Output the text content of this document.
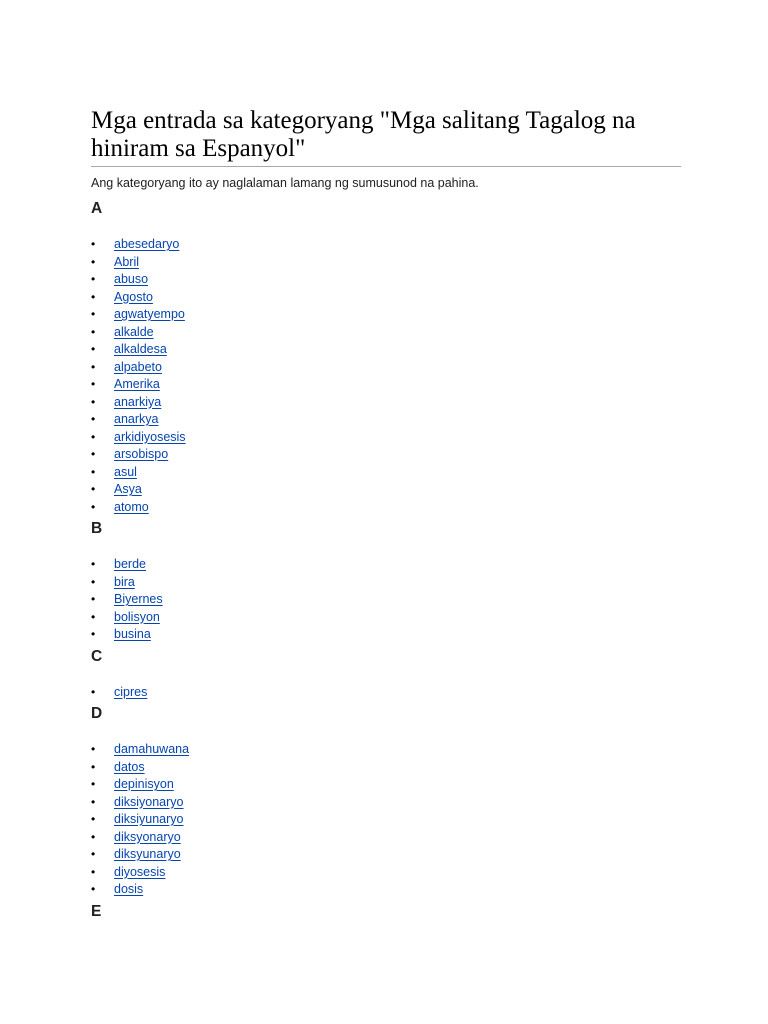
Mga entrada sa kategoryang "Mga salitang Tagalog na hiniram sa Espanyol"

Ang kategoryang ito ay naglalaman lamang ng sumusunod na pahina.

A
• abesedaryo
• Abril
• abuso
• Agosto
• agwatyempo
• alkalde
• alkaldesa
• alpabeto
• Amerika
• anarkiya
• anarkya
• arkidiyosesis
• arsobispo
• asul
• Asya
• atomo
B
• berde
• bira
• Biyernes
• bolisyon
• busina
C
• cipres
D
• damahuwana
• datos
• depinisyon
• diksiyonaryo
• diksiyunaryo
• diksyonaryo
• diksyunaryo
• diyosesis
• dosis
E
